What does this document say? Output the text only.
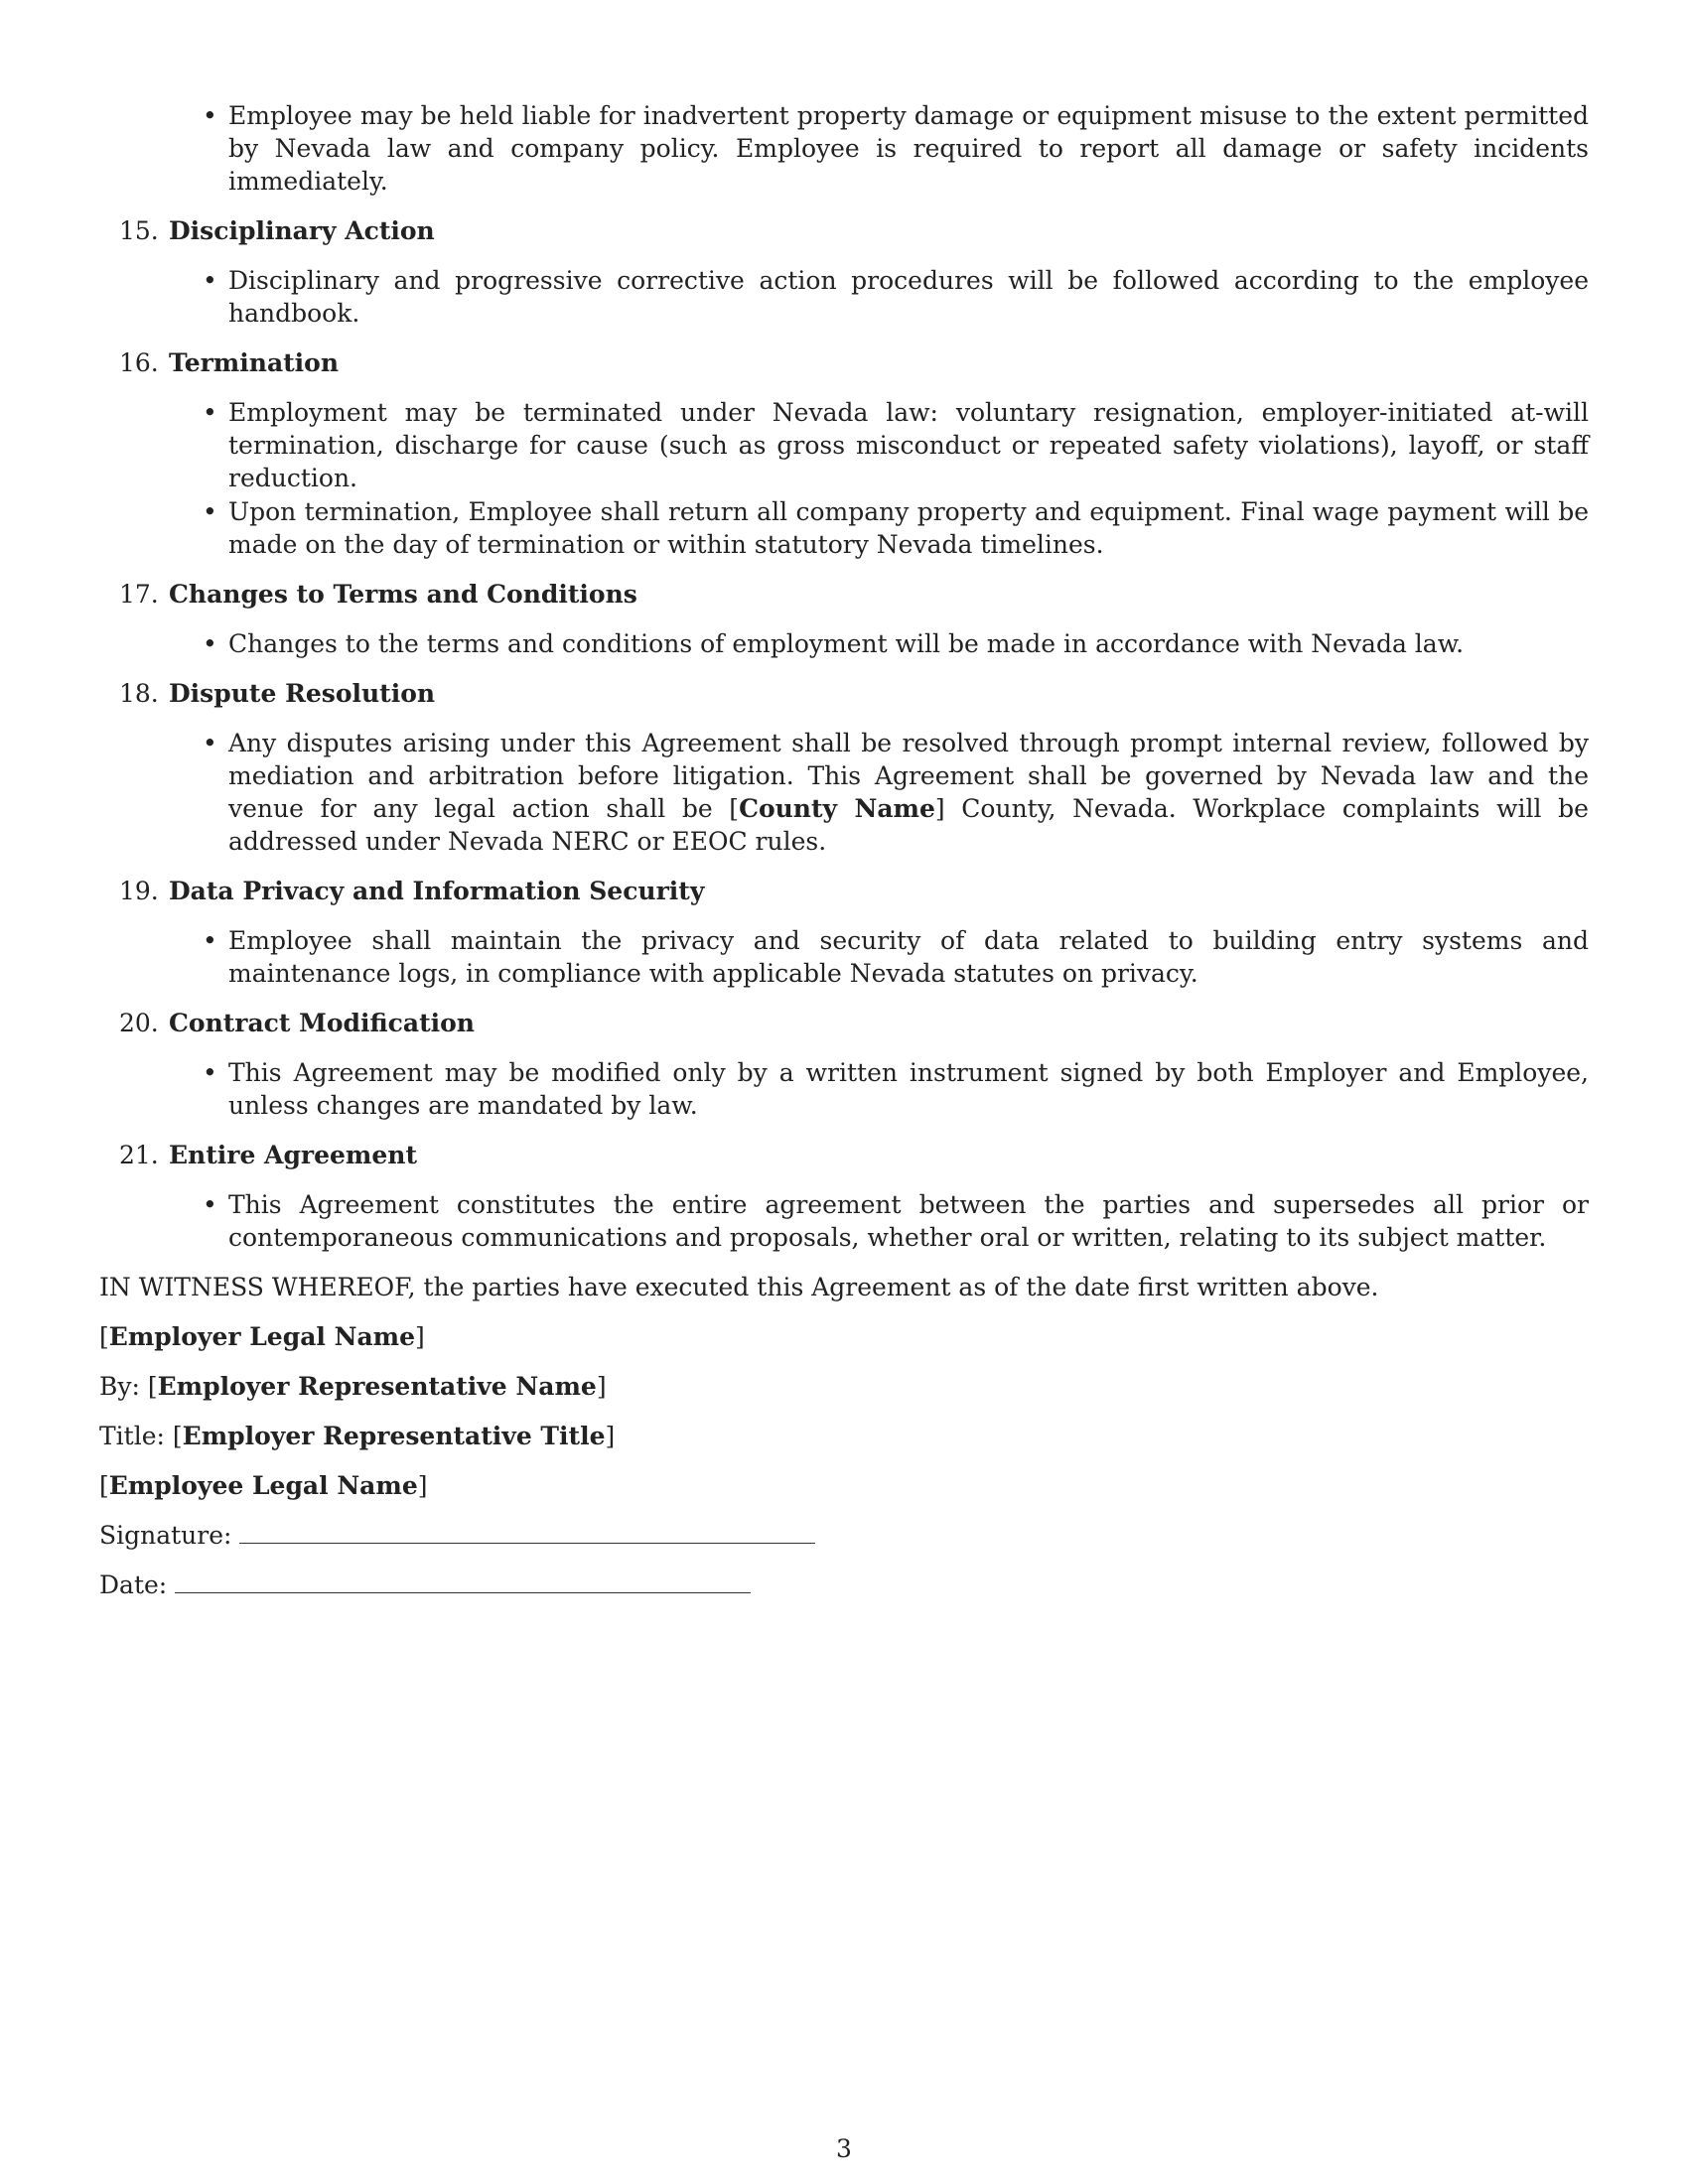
• Employee may be held liable for inadvertent property damage or equipment misuse to the extent permitted by Nevada law and company policy. Employee is required to report all damage or safety incidents immediately.
15. Disciplinary Action
• Disciplinary and progressive corrective action procedures will be followed according to the employee handbook.
16. Termination
• Employment may be terminated under Nevada law: voluntary resignation, employer-initiated at-will termination, discharge for cause (such as gross misconduct or repeated safety violations), layoff, or staff reduction.
• Upon termination, Employee shall return all company property and equipment. Final wage payment will be made on the day of termination or within statutory Nevada timelines.
17. Changes to Terms and Conditions
• Changes to the terms and conditions of employment will be made in accordance with Nevada law.
18. Dispute Resolution
• Any disputes arising under this Agreement shall be resolved through prompt internal review, followed by mediation and arbitration before litigation. This Agreement shall be governed by Nevada law and the venue for any legal action shall be [County Name] County, Nevada. Workplace complaints will be addressed under Nevada NERC or EEOC rules.
19. Data Privacy and Information Security
• Employee shall maintain the privacy and security of data related to building entry systems and maintenance logs, in compliance with applicable Nevada statutes on privacy.
20. Contract Modification
• This Agreement may be modified only by a written instrument signed by both Employer and Employee, unless changes are mandated by law.
21. Entire Agreement
• This Agreement constitutes the entire agreement between the parties and supersedes all prior or contemporaneous communications and proposals, whether oral or written, relating to its subject matter.
IN WITNESS WHEREOF, the parties have executed this Agreement as of the date first written above.
[Employer Legal Name]
By: [Employer Representative Name]
Title: [Employer Representative Title]
[Employee Legal Name]
Signature:
Date:
3
